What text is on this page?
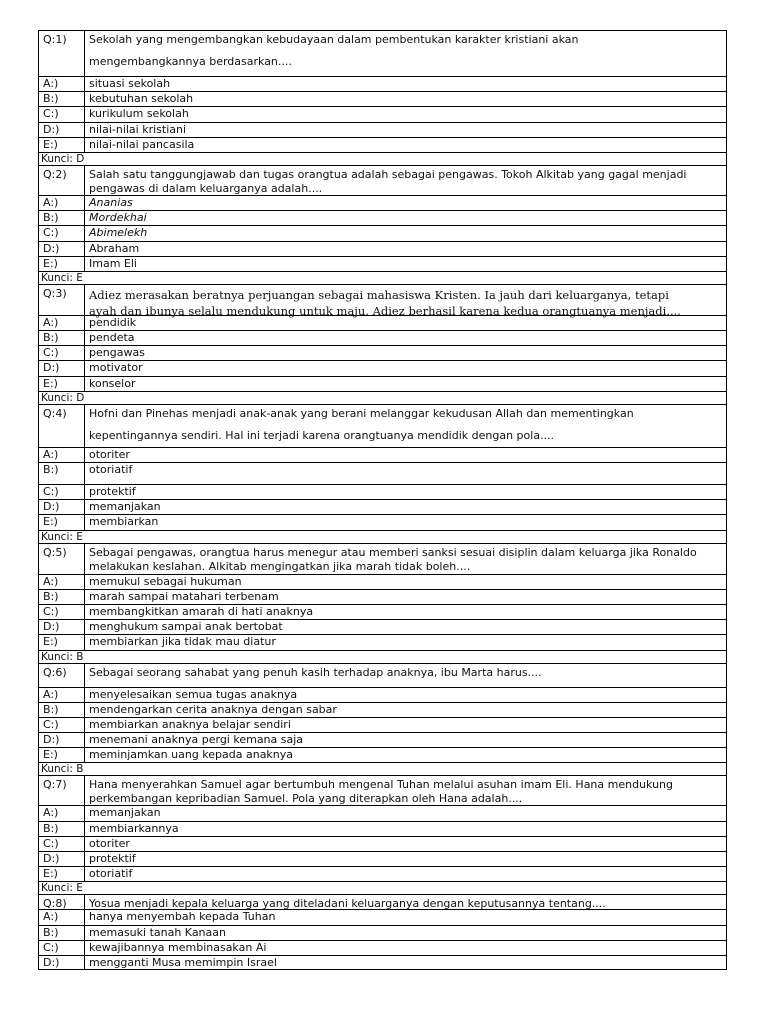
Q:1)	Sekolah yang mengembangkan kebudayaan dalam pembentukan karakter kristiani akan
mengembangkannya berdasarkan....
A:)	situasi sekolah
B:)	kebutuhan sekolah
C:)	kurikulum sekolah
D:)	nilai-nilai kristiani
E:)	nilai-nilai pancasila
Kunci: D
Q:2)	Salah satu tanggungjawab dan tugas orangtua adalah sebagai pengawas. Tokoh Alkitab yang gagal menjadi
pengawas di dalam keluarganya adalah....
A:)	Ananias
B:)	Mordekhai
C:)	Abimelekh
D:)	Abraham
E:)	Imam Eli
Kunci: E
Q:3)	Adiez merasakan beratnya perjuangan sebagai mahasiswa Kristen. Ia jauh dari keluarganya, tetapi
ayah dan ibunya selalu mendukung untuk maju. Adiez berhasil karena kedua orangtuanya menjadi....
A:)	pendidik
B:)	pendeta
C:)	pengawas
D:)	motivator
E:)	konselor
Kunci: D
Q:4)	Hofni dan Pinehas menjadi anak-anak yang berani melanggar kekudusan Allah dan mementingkan
kepentingannya sendiri. Hal ini terjadi karena orangtuanya mendidik dengan pola....
A:)	otoriter
B:)	otoriatif
C:)	protektif
D:)	memanjakan
E:)	membiarkan
Kunci: E
Q:5)	Sebagai pengawas, orangtua harus menegur atau memberi sanksi sesuai disiplin dalam keluarga jika Ronaldo
melakukan keslahan. Alkitab mengingatkan jika marah tidak boleh....
A:)	memukul sebagai hukuman
B:)	marah sampai matahari terbenam
C:)	membangkitkan amarah di hati anaknya
D:)	menghukum sampai anak bertobat
E:)	membiarkan jika tidak mau diatur
Kunci: B
Q:6)	Sebagai seorang sahabat yang penuh kasih terhadap anaknya, ibu Marta harus....
A:)	menyelesaikan semua tugas anaknya
B:)	mendengarkan cerita anaknya dengan sabar
C:)	membiarkan anaknya belajar sendiri
D:)	menemani anaknya pergi kemana saja
E:)	meminjamkan uang kepada anaknya
Kunci: B
Q:7)	Hana menyerahkan Samuel agar bertumbuh mengenal Tuhan melalui asuhan imam Eli. Hana mendukung
perkembangan kepribadian Samuel. Pola yang diterapkan oleh Hana adalah....
A:)	memanjakan
B:)	membiarkannya
C:)	otoriter
D:)	protektif
E:)	otoriatif
Kunci: E
Q:8)	Yosua menjadi kepala keluarga yang diteladani keluarganya dengan keputusannya tentang....
A:)	hanya menyembah kepada Tuhan
B:)	memasuki tanah Kanaan
C:)	kewajibannya membinasakan Ai
D:)	mengganti Musa memimpin Israel
